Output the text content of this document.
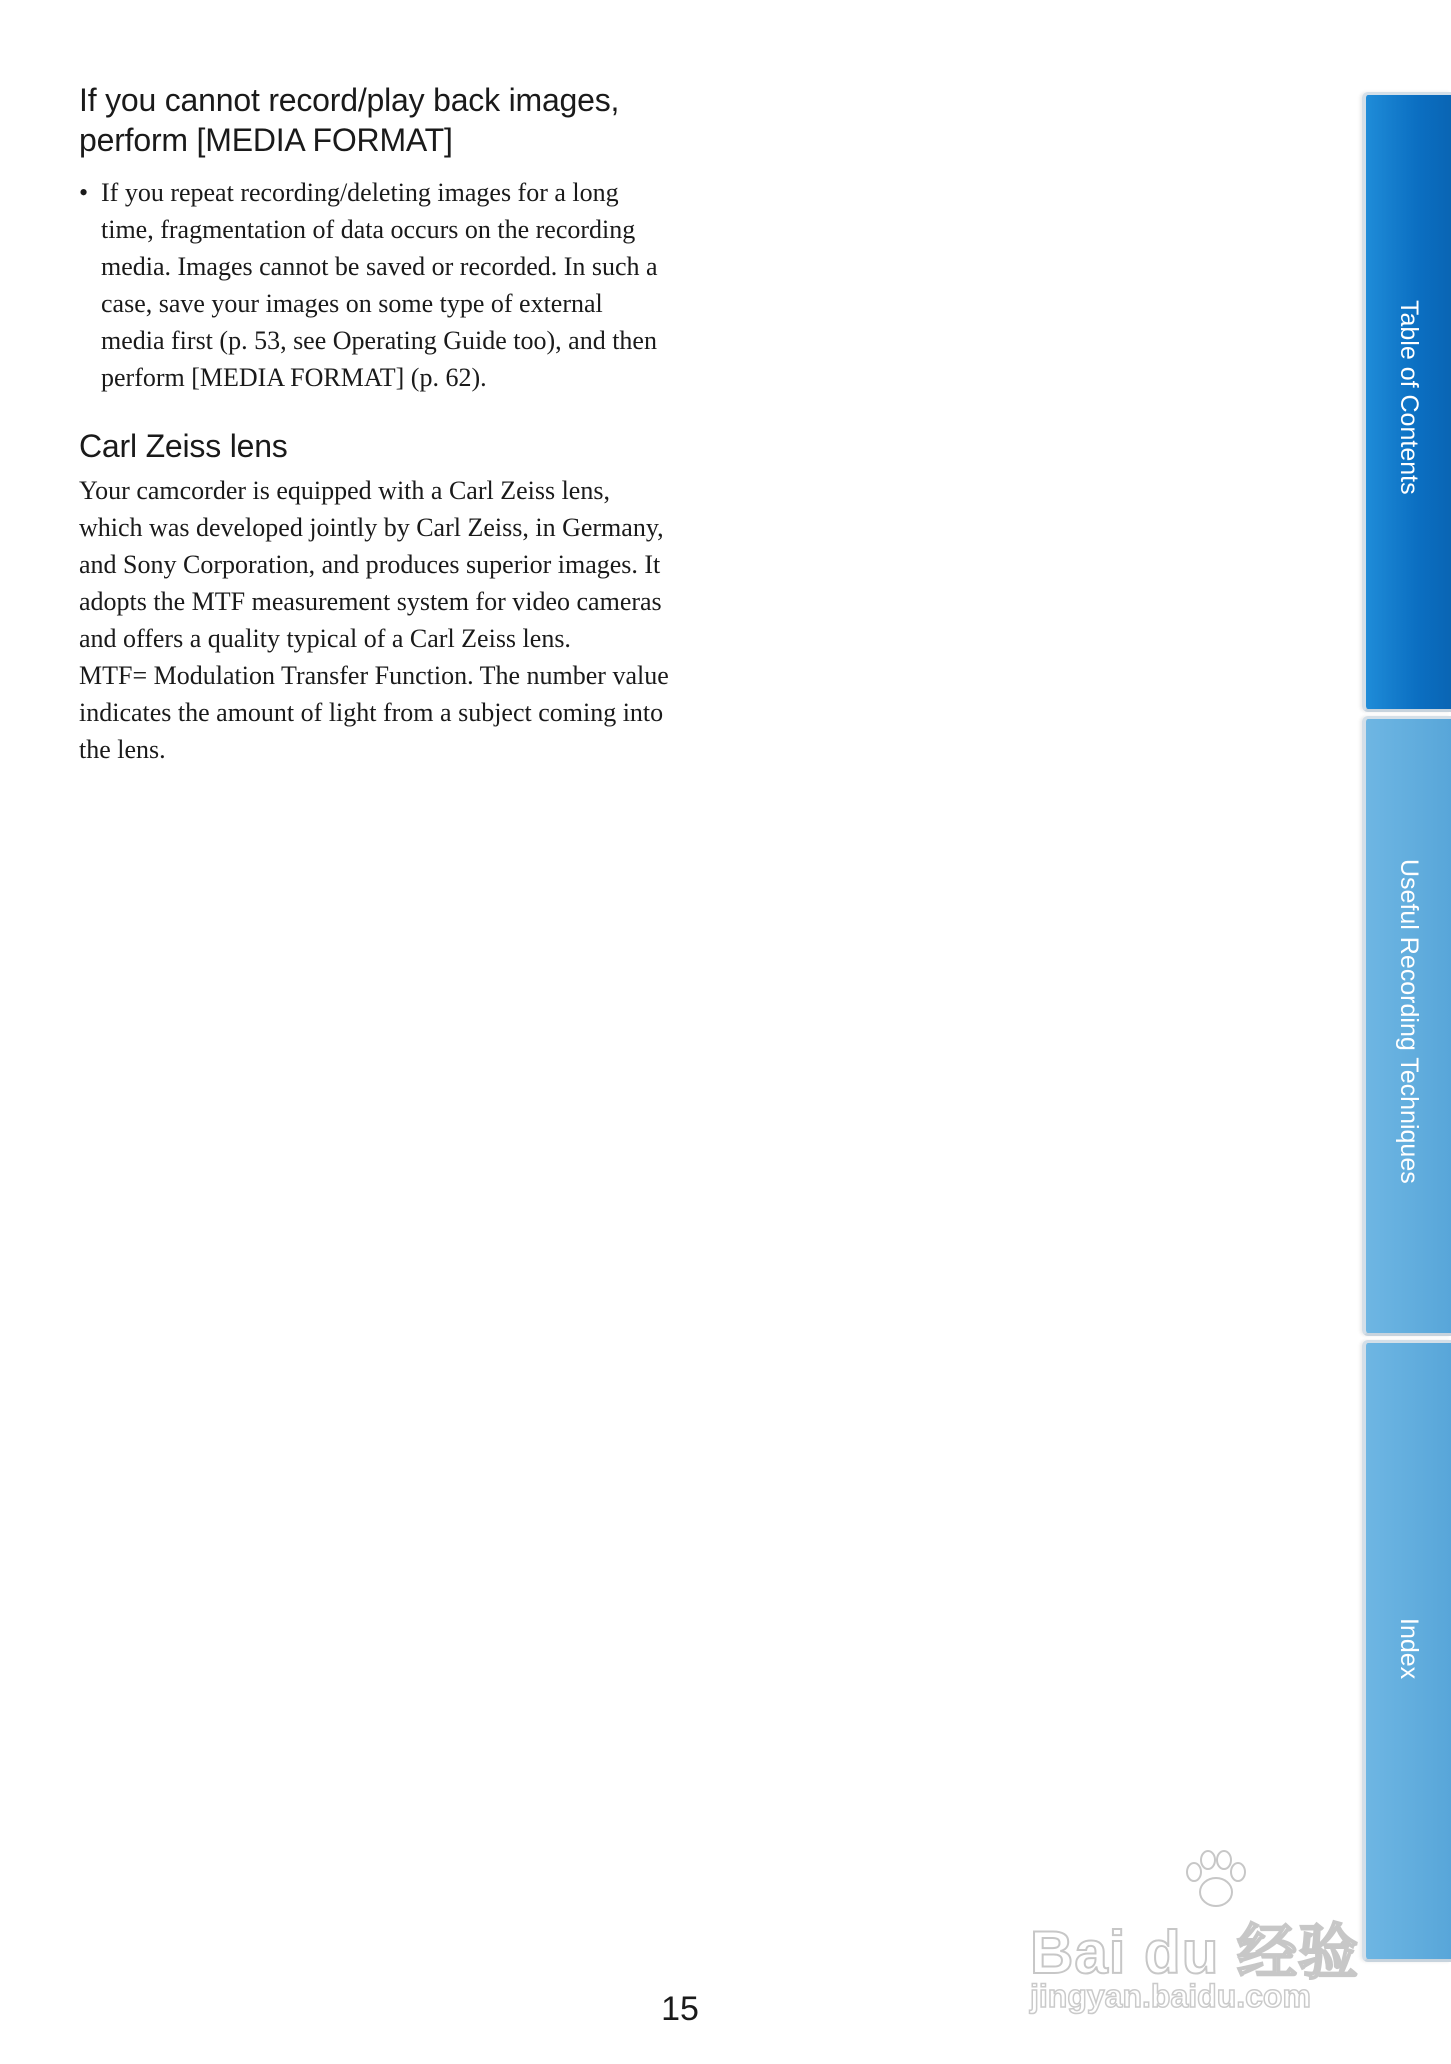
If you cannot record/play back images,
perform [MEDIA FORMAT]
• If you repeat recording/deleting images for a long time, fragmentation of data occurs on the recording media. Images cannot be saved or recorded. In such a case, save your images on some type of external media first (p. 53, see Operating Guide too), and then perform [MEDIA FORMAT] (p. 62).
Carl Zeiss lens

Your camcorder is equipped with a Carl Zeiss lens, which was developed jointly by Carl Zeiss, in Germany, and Sony Corporation, and produces superior images. It adopts the MTF measurement system for video cameras and offers a quality typical of a Carl Zeiss lens.

MTF= Modulation Transfer Function. The number value indicates the amount of light from a subject coming into the lens.

Table of Contents
Useful Recording Techniques
Index
Bai du 经验
jingyan.baidu.com
15
